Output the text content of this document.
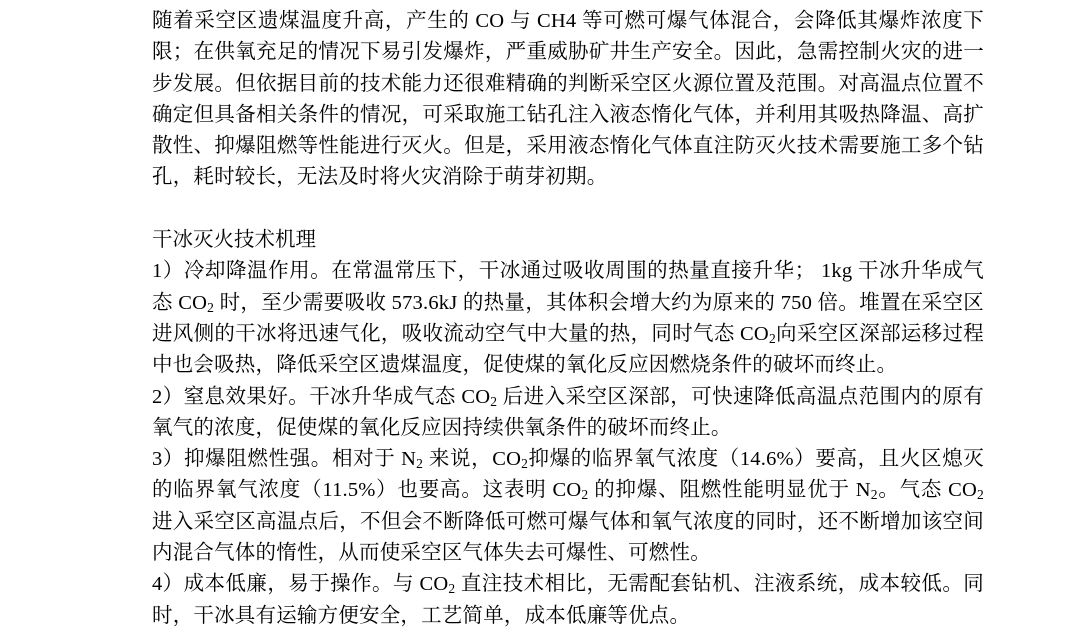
随着采空区遗煤温度升高，产生的 CO 与 CH4 等可燃可爆气体混合，会降低其爆炸浓度下限；在供氧充足的情况下易引发爆炸，严重威胁矿井生产安全。因此，急需控制火灾的进一步发展。但依据目前的技术能力还很难精确的判断采空区火源位置及范围。对高温点位置不确定但具备相关条件的情况，可采取施工钻孔注入液态惰化气体，并利用其吸热降温、高扩散性、抑爆阻燃等性能进行灭火。但是，采用液态惰化气体直注防灭火技术需要施工多个钻孔，耗时较长，无法及时将火灾消除于萌芽初期。

干冰灭火技术机理

1）冷却降温作用。在常温常压下，干冰通过吸收周围的热量直接升华； 1kg 干冰升华成气态 $CO_2$ 时，至少需要吸收 573.6kJ 的热量，其体积会增大约为原来的 750 倍。堆置在采空区进风侧的干冰将迅速气化，吸收流动空气中大量的热，同时气态 $CO_2$向采空区深部运移过程中也会吸热，降低采空区遗煤温度，促使煤的氧化反应因燃烧条件的破坏而终止。

2）窒息效果好。干冰升华成气态 $CO_2$ 后进入采空区深部，可快速降低高温点范围内的原有氧气的浓度，促使煤的氧化反应因持续供氧条件的破坏而终止。

3）抑爆阻燃性强。相对于 $N_2$ 来说，$CO_2$抑爆的临界氧气浓度（14.6%）要高，且火区熄灭的临界氧气浓度（11.5%）也要高。这表明 $CO_2$ 的抑爆、阻燃性能明显优于 $N_2$。气态 $CO_2$ 进入采空区高温点后，不但会不断降低可燃可爆气体和氧气浓度的同时，还不断增加该空间内混合气体的惰性，从而使采空区气体失去可爆性、可燃性。

4）成本低廉，易于操作。与 $CO_2$ 直注技术相比，无需配套钻机、注液系统，成本较低。同时，干冰具有运输方便安全，工艺简单，成本低廉等优点。
